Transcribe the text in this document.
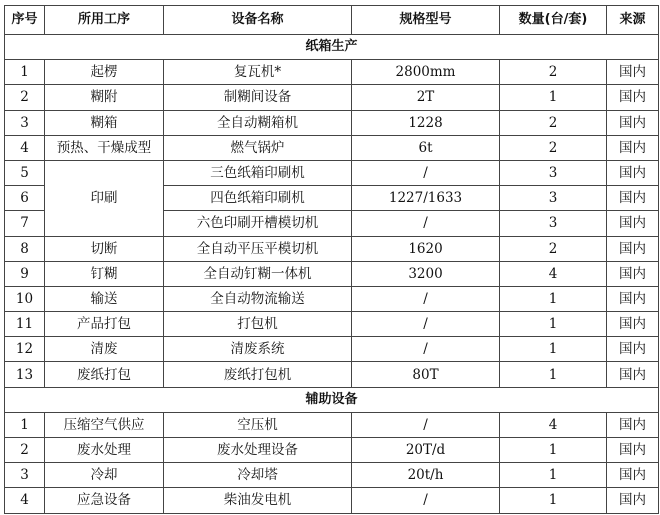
序号	所用工序	设备名称	规格型号	数量(台/套)	来源
纸箱生产					
1	起楞	复瓦机*	2800mm	2	国内
2	糊附	制糊间设备	2T	1	国内
3	糊箱	全自动糊箱机	1228	2	国内
4	预热、干燥成型	燃气锅炉	6t	2	国内
5	印刷	三色纸箱印刷机	/	3	国内
6		四色纸箱印刷机	1227/1633	3	国内
7		六色印刷开槽模切机	/	3	国内
8	切断	全自动平压平模切机	1620	2	国内
9	钉糊	全自动钉糊一体机	3200	4	国内
10	输送	全自动物流输送	/	1	国内
11	产品打包	打包机	/	1	国内
12	清废	清废系统	/	1	国内
13	废纸打包	废纸打包机	80T	1	国内
辅助设备					
1	压缩空气供应	空压机	/	4	国内
2	废水处理	废水处理设备	20T/d	1	国内
3	冷却	冷却塔	20t/h	1	国内
4	应急设备	柴油发电机	/	1	国内
